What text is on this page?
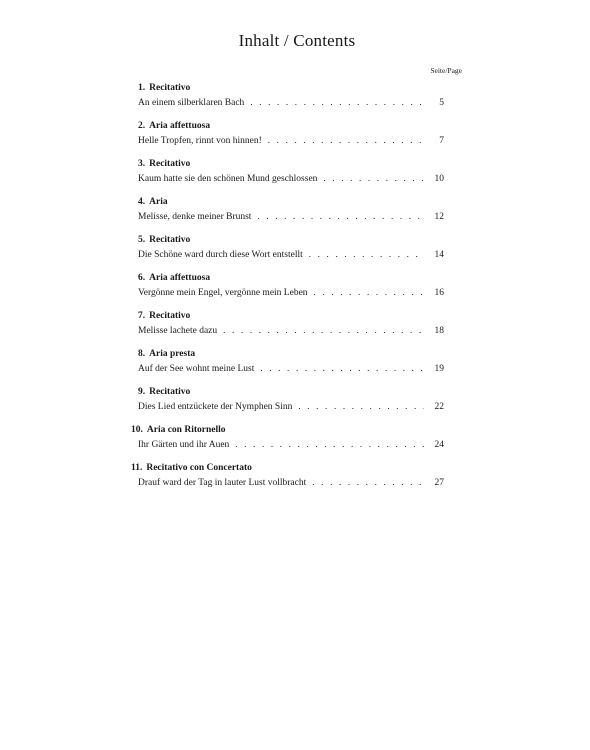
Inhalt / Contents
Seite/Page
1. Recitativo
An einem silberklaren Bach . . .	5
2. Aria affettuosa
Helle Tropfen, rinnt von hinnen! . . .	7
3. Recitativo
Kaum hatte sie den schönen Mund geschlossen . . .	10
4. Aria
Melisse, denke meiner Brunst . . .	12
5. Recitativo
Die Schöne ward durch diese Wort entstellt . . .	14
6. Aria affettuosa
Vergönne mein Engel, vergönne mein Leben . . .	16
7. Recitativo
Melisse lachete dazu . . .	18
8. Aria presta
Auf der See wohnt meine Lust . . .	19
9. Recitativo
Dies Lied entzückete der Nymphen Sinn . . .	22
10. Aria con Ritornello
Ihr Gärten und ihr Auen . . .	24
11. Recitativo con Concertato
Drauf ward der Tag in lauter Lust vollbracht . . .	27
